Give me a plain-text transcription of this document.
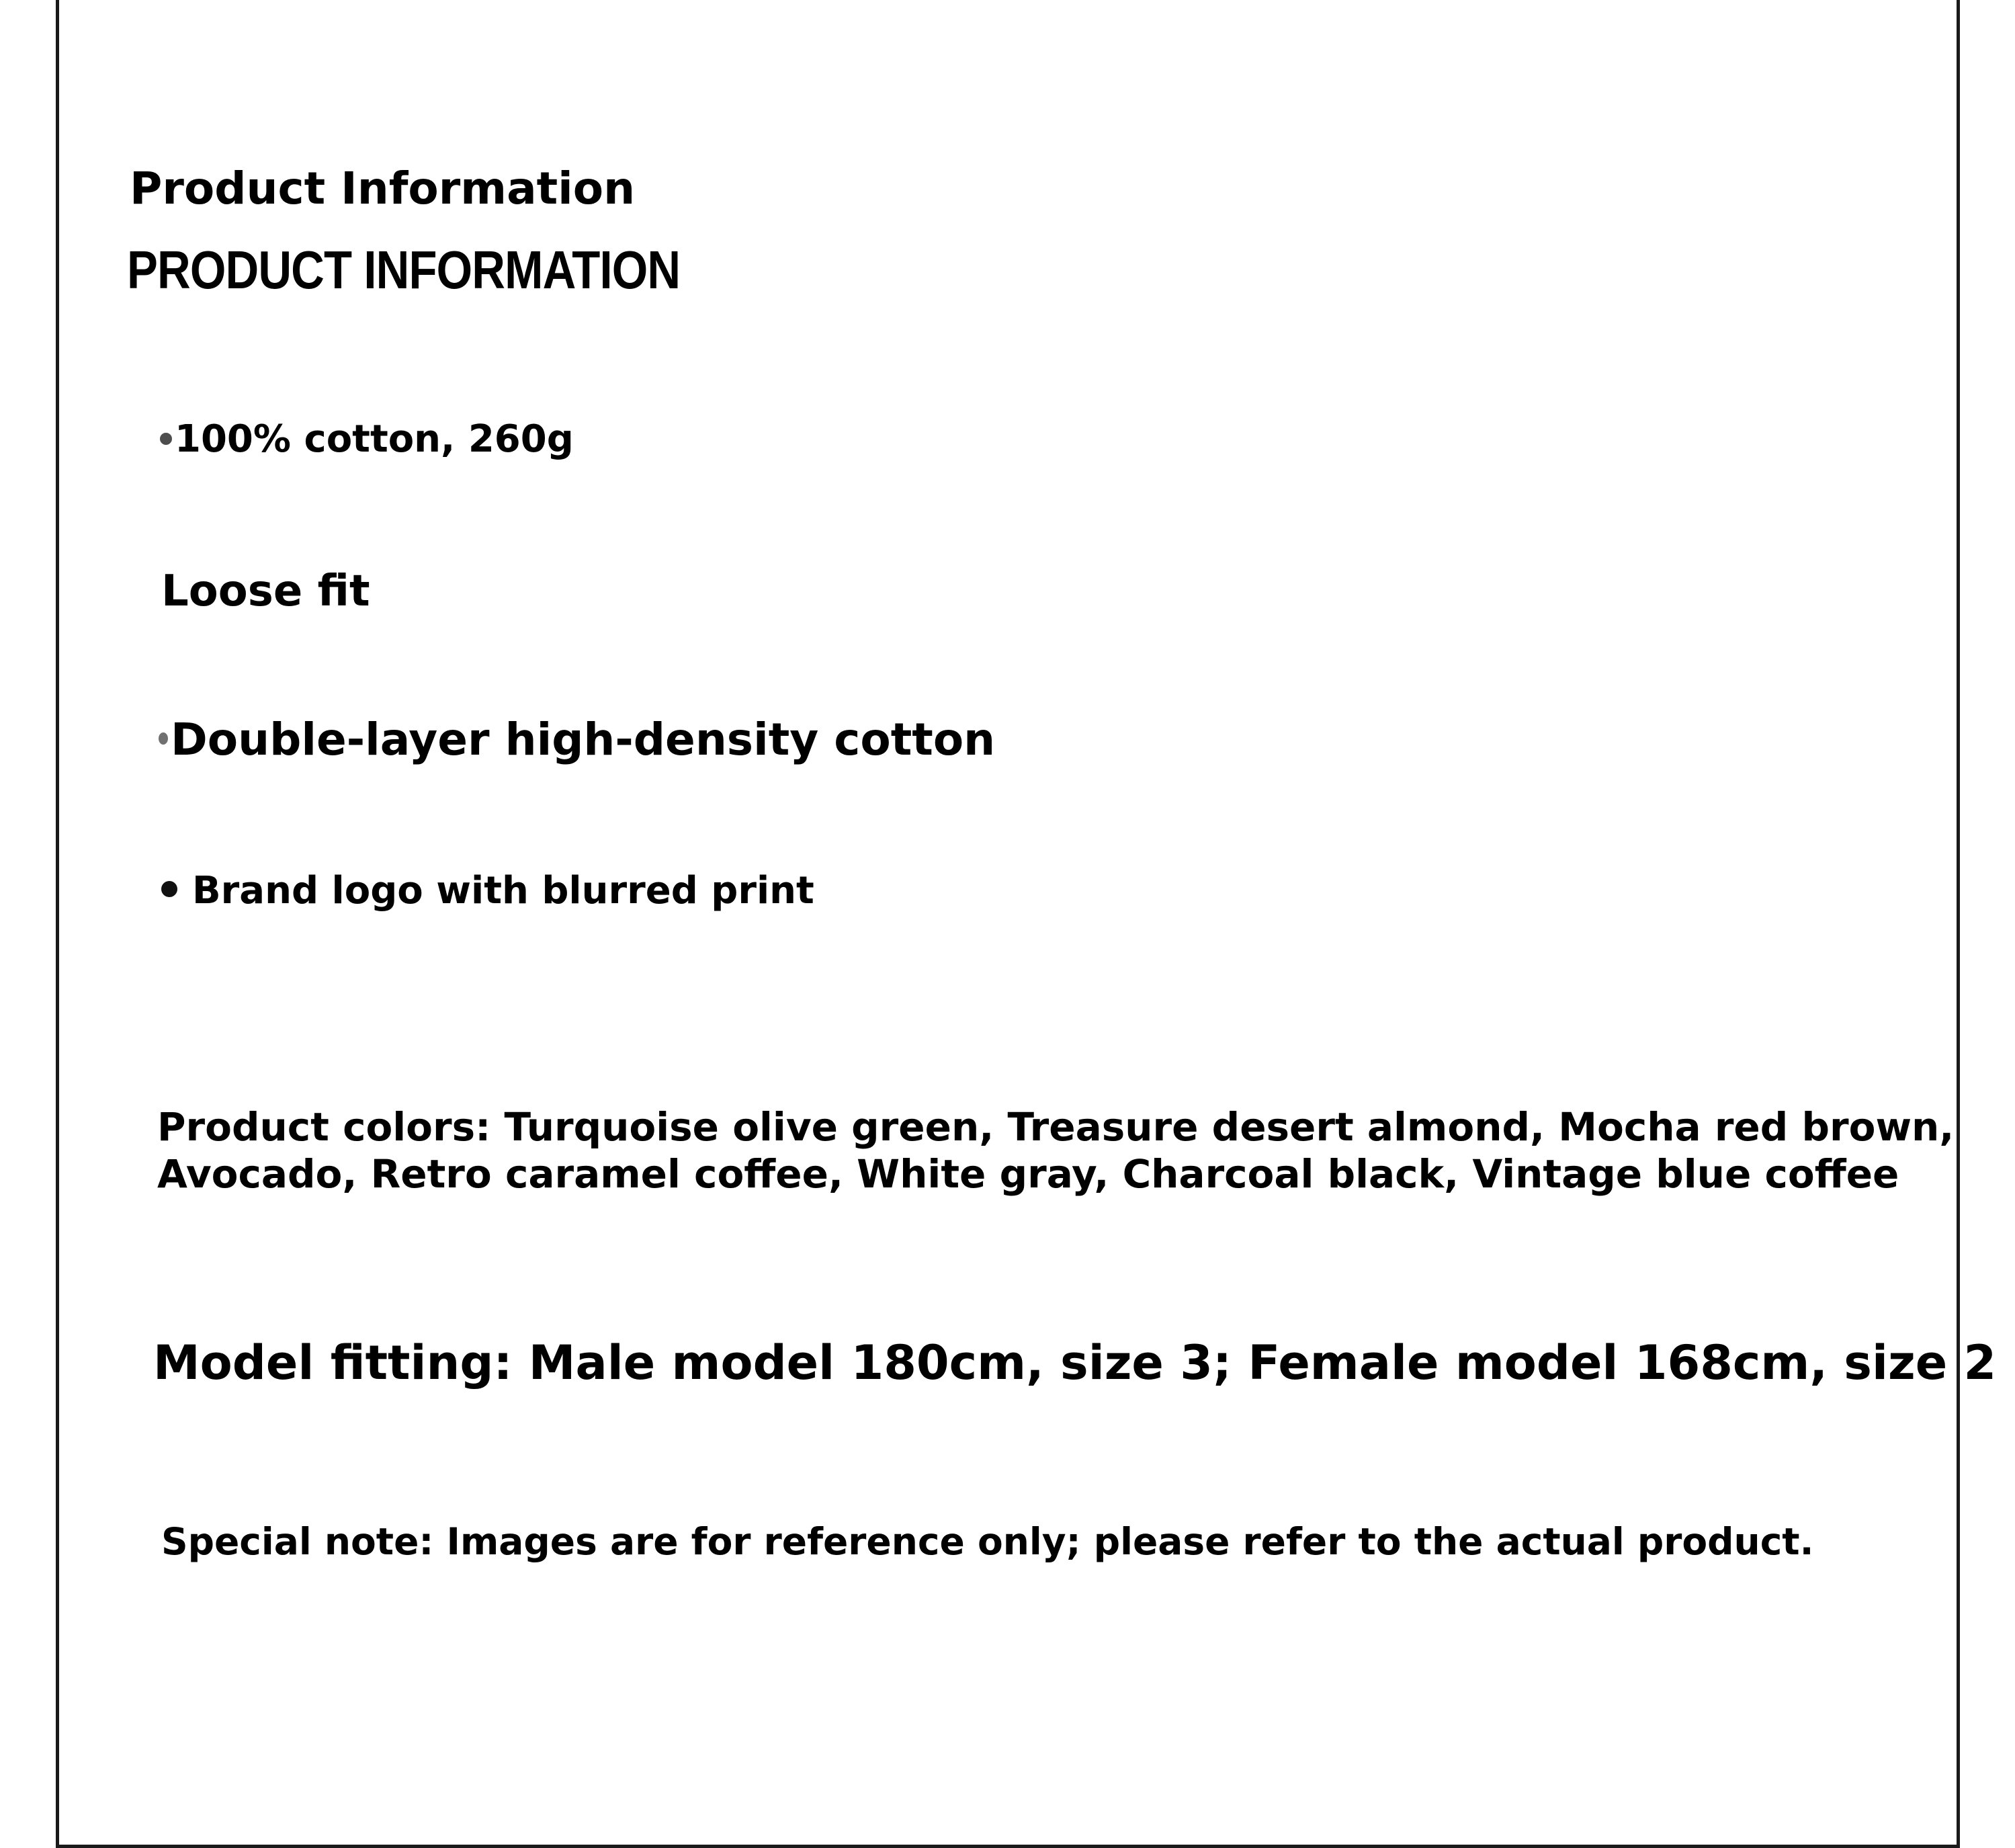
Product Information
PRODUCT INFORMATION
100% cotton, 260g
Loose fit
Double-layer high-density cotton
Brand logo with blurred print
Product colors: Turquoise olive green, Treasure desert almond, Mocha red brown,
Avocado, Retro caramel coffee, White gray, Charcoal black, Vintage blue coffee
Model fitting: Male model 180cm, size 3; Female model 168cm, size 2
Special note: Images are for reference only; please refer to the actual product.
